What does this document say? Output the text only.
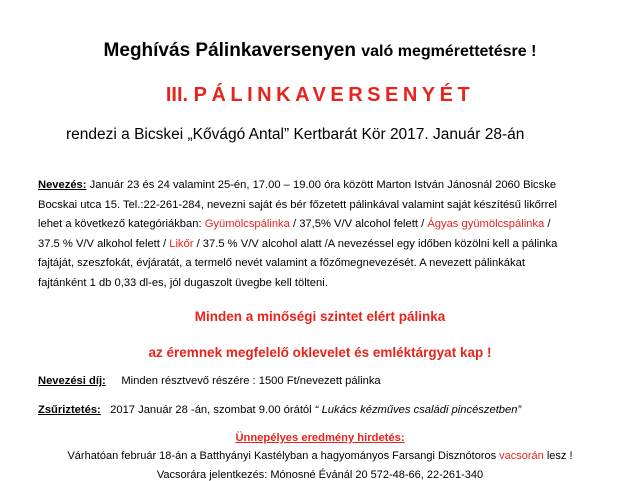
Meghívás Pálinkaversenyen való megmérettetésre !
III. PÁLINKAVERSENYÉT
rendezi a Bicskei „Kővágó Antal” Kertbarát Kör 2017. Január 28-án
Nevezés: Január 23 és 24 valamint 25-én, 17.00 – 19.00 óra között Marton István Jánosnál 2060 Bicske
Bocskai utca 15. Tel.:22-261-284, nevezni saját és bér főzetett pálinkával valamint saját készítésű likőrrel
lehet a következő kategóriákban: Gyümölcspálinka / 37,5% V/V alcohol felett / Ágyas gyümölcspálinka /
37.5 % V/V alkohol felett / Likőr / 37.5 % V/V alcohol alatt /A nevezéssel egy időben közölni kell a pálinka
fajtáját, szeszfokát, évjáratát, a termelő nevét valamint a főzőmegnevezését. A nevezett pálinkákat
fajtánként 1 db 0,33 dl-es, jól dugaszolt üvegbe kell tölteni.
Minden a minőségi szintet elért pálinka
az éremnek megfelelő oklevelet és emléktárgyat kap !
Nevezési díj: Minden résztvevő részére : 1500 Ft/nevezett pálinka
Zsűriztetés: 2017 Január 28 -án, szombat 9.00 órától “ Lukács kézműves családi pincészetben”
Ünnepélyes eredmény hirdetés:
Várhatóan február 18-án a Batthyányi Kastélyban a hagyományos Farsangi Disznótoros vacsorán lesz !
Vacsorára jelentkezés: Mónosné Évánál 20 572-48-66, 22-261-340
